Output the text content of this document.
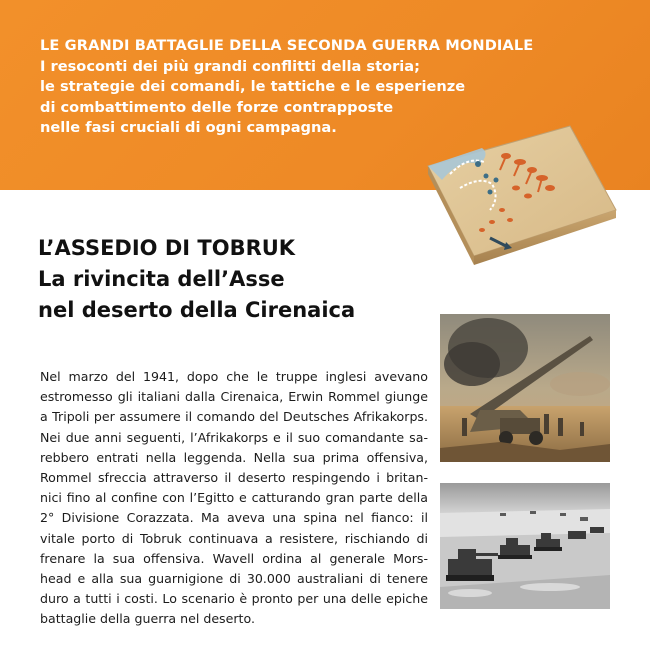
LE GRANDI BATTAGLIE DELLA SECONDA GUERRA MONDIALE
I resoconti dei più grandi conflitti della storia;
le strategie dei comandi, le tattiche e le esperienze
di combattimento delle forze contrapposte
nelle fasi cruciali di ogni campagna.
L’ASSEDIO DI TOBRUK
La rivincita dell’Asse
nel deserto della Cirenaica
Nel marzo del 1941, dopo che le truppe inglesi avevano
estromesso gli italiani dalla Cirenaica, Erwin Rommel giunge
a Tripoli per assumere il comando del Deutsches Afrikakorps.
Nei due anni seguenti, l’Afrikakorps e il suo comandante sa-
rebbero entrati nella leggenda. Nella sua prima offensiva,
Rommel sfreccia attraverso il deserto respingendo i britan-
nici fino al confine con l’Egitto e catturando gran parte della
2° Divisione Corazzata. Ma aveva una spina nel fianco: il
vitale porto di Tobruk continuava a resistere, rischiando di
frenare la sua offensiva. Wavell ordina al generale Mors-
head e alla sua guarnigione di 30.000 australiani di tenere
duro a tutti i costi. Lo scenario è pronto per una delle epiche
battaglie della guerra nel deserto.
